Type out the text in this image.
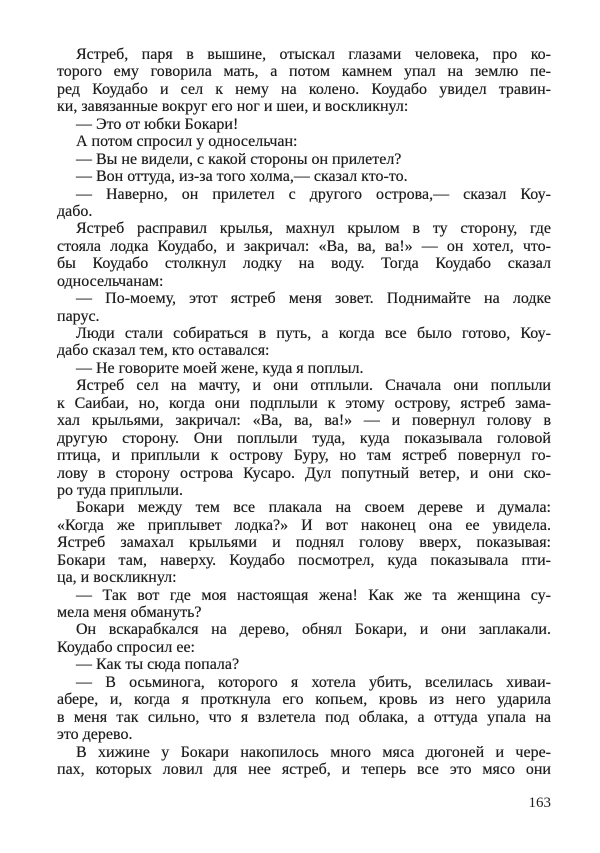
Ястреб, паря в вышине, отыскал глазами человека, про ко-
торого ему говорила мать, а потом камнем упал на землю пе-
ред Коудабо и сел к нему на колено. Коудабо увидел травин-
ки, завязанные вокруг его ног и шеи, и воскликнул:
— Это от юбки Бокари!
А потом спросил у односельчан:
— Вы не видели, с какой стороны он прилетел?
— Вон оттуда, из-за того холма,— сказал кто-то.
— Наверно, он прилетел с другого острова,— сказал Коу-
дабо.
Ястреб расправил крылья, махнул крылом в ту сторону, где
стояла лодка Коудабо, и закричал: «Ва, ва, ва!» — он хотел, что-
бы Коудабо столкнул лодку на воду. Тогда Коудабо сказал
односельчанам:
— По-моему, этот ястреб меня зовет. Поднимайте на лодке
парус.
Люди стали собираться в путь, а когда все было готово, Коу-
дабо сказал тем, кто оставался:
— Не говорите моей жене, куда я поплыл.
Ястреб сел на мачту, и они отплыли. Сначала они поплыли
к Саибаи, но, когда они подплыли к этому острову, ястреб зама-
хал крыльями, закричал: «Ва, ва, ва!» — и повернул голову в
другую сторону. Они поплыли туда, куда показывала головой
птица, и приплыли к острову Буру, но там ястреб повернул го-
лову в сторону острова Кусаро. Дул попутный ветер, и они ско-
ро туда приплыли.
Бокари между тем все плакала на своем дереве и думала:
«Когда же приплывет лодка?» И вот наконец она ее увидела.
Ястреб замахал крыльями и поднял голову вверх, показывая:
Бокари там, наверху. Коудабо посмотрел, куда показывала пти-
ца, и воскликнул:
— Так вот где моя настоящая жена! Как же та женщина су-
мела меня обмануть?
Он вскарабкался на дерево, обнял Бокари, и они заплакали.
Коудабо спросил ее:
— Как ты сюда попала?
— В осьминога, которого я хотела убить, вселилась хиваи-
абере, и, когда я проткнула его копьем, кровь из него ударила
в меня так сильно, что я взлетела под облака, а оттуда упала на
это дерево.
В хижине у Бокари накопилось много мяса дюгоней и чере-
пах, которых ловил для нее ястреб, и теперь все это мясо они
163
